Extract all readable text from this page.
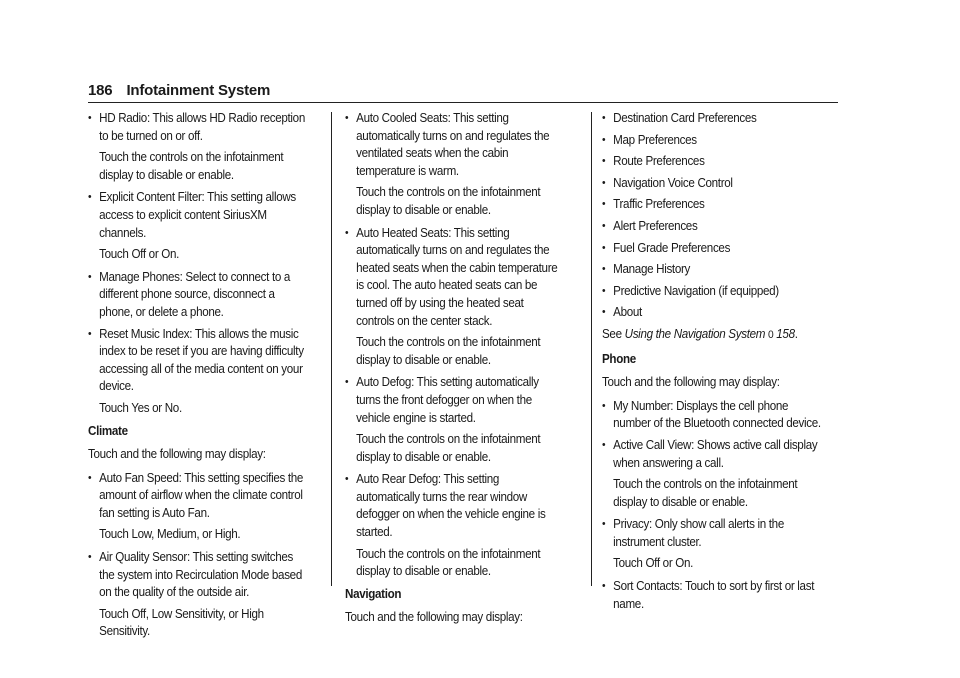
186 Infotainment System
• HD Radio: This allows HD Radio reception to be turned on or off.
Touch the controls on the infotainment display to disable or enable.
• Explicit Content Filter: This setting allows access to explicit content SiriusXM channels.
Touch Off or On.
• Manage Phones: Select to connect to a different phone source, disconnect a phone, or delete a phone.
• Reset Music Index: This allows the music index to be reset if you are having difficulty accessing all of the media content on your device.
Touch Yes or No.
Climate
Touch and the following may display:
• Auto Fan Speed: This setting specifies the amount of airflow when the climate control fan setting is Auto Fan.
Touch Low, Medium, or High.
• Air Quality Sensor: This setting switches the system into Recirculation Mode based on the quality of the outside air.
Touch Off, Low Sensitivity, or High Sensitivity.
• Auto Cooled Seats: This setting automatically turns on and regulates the ventilated seats when the cabin temperature is warm.
Touch the controls on the infotainment display to disable or enable.
• Auto Heated Seats: This setting automatically turns on and regulates the heated seats when the cabin temperature is cool. The auto heated seats can be turned off by using the heated seat controls on the center stack.
Touch the controls on the infotainment display to disable or enable.
• Auto Defog: This setting automatically turns the front defogger on when the vehicle engine is started.
Touch the controls on the infotainment display to disable or enable.
• Auto Rear Defog: This setting automatically turns the rear window defogger on when the vehicle engine is started.
Touch the controls on the infotainment display to disable or enable.
Navigation
Touch and the following may display:
• Destination Card Preferences
• Map Preferences
• Route Preferences
• Navigation Voice Control
• Traffic Preferences
• Alert Preferences
• Fuel Grade Preferences
• Manage History
• Predictive Navigation (if equipped)
• About
See Using the Navigation System 0 158.
Phone
Touch and the following may display:
• My Number: Displays the cell phone number of the Bluetooth connected device.
• Active Call View: Shows active call display when answering a call.
Touch the controls on the infotainment display to disable or enable.
• Privacy: Only show call alerts in the instrument cluster.
Touch Off or On.
• Sort Contacts: Touch to sort by first or last name.
